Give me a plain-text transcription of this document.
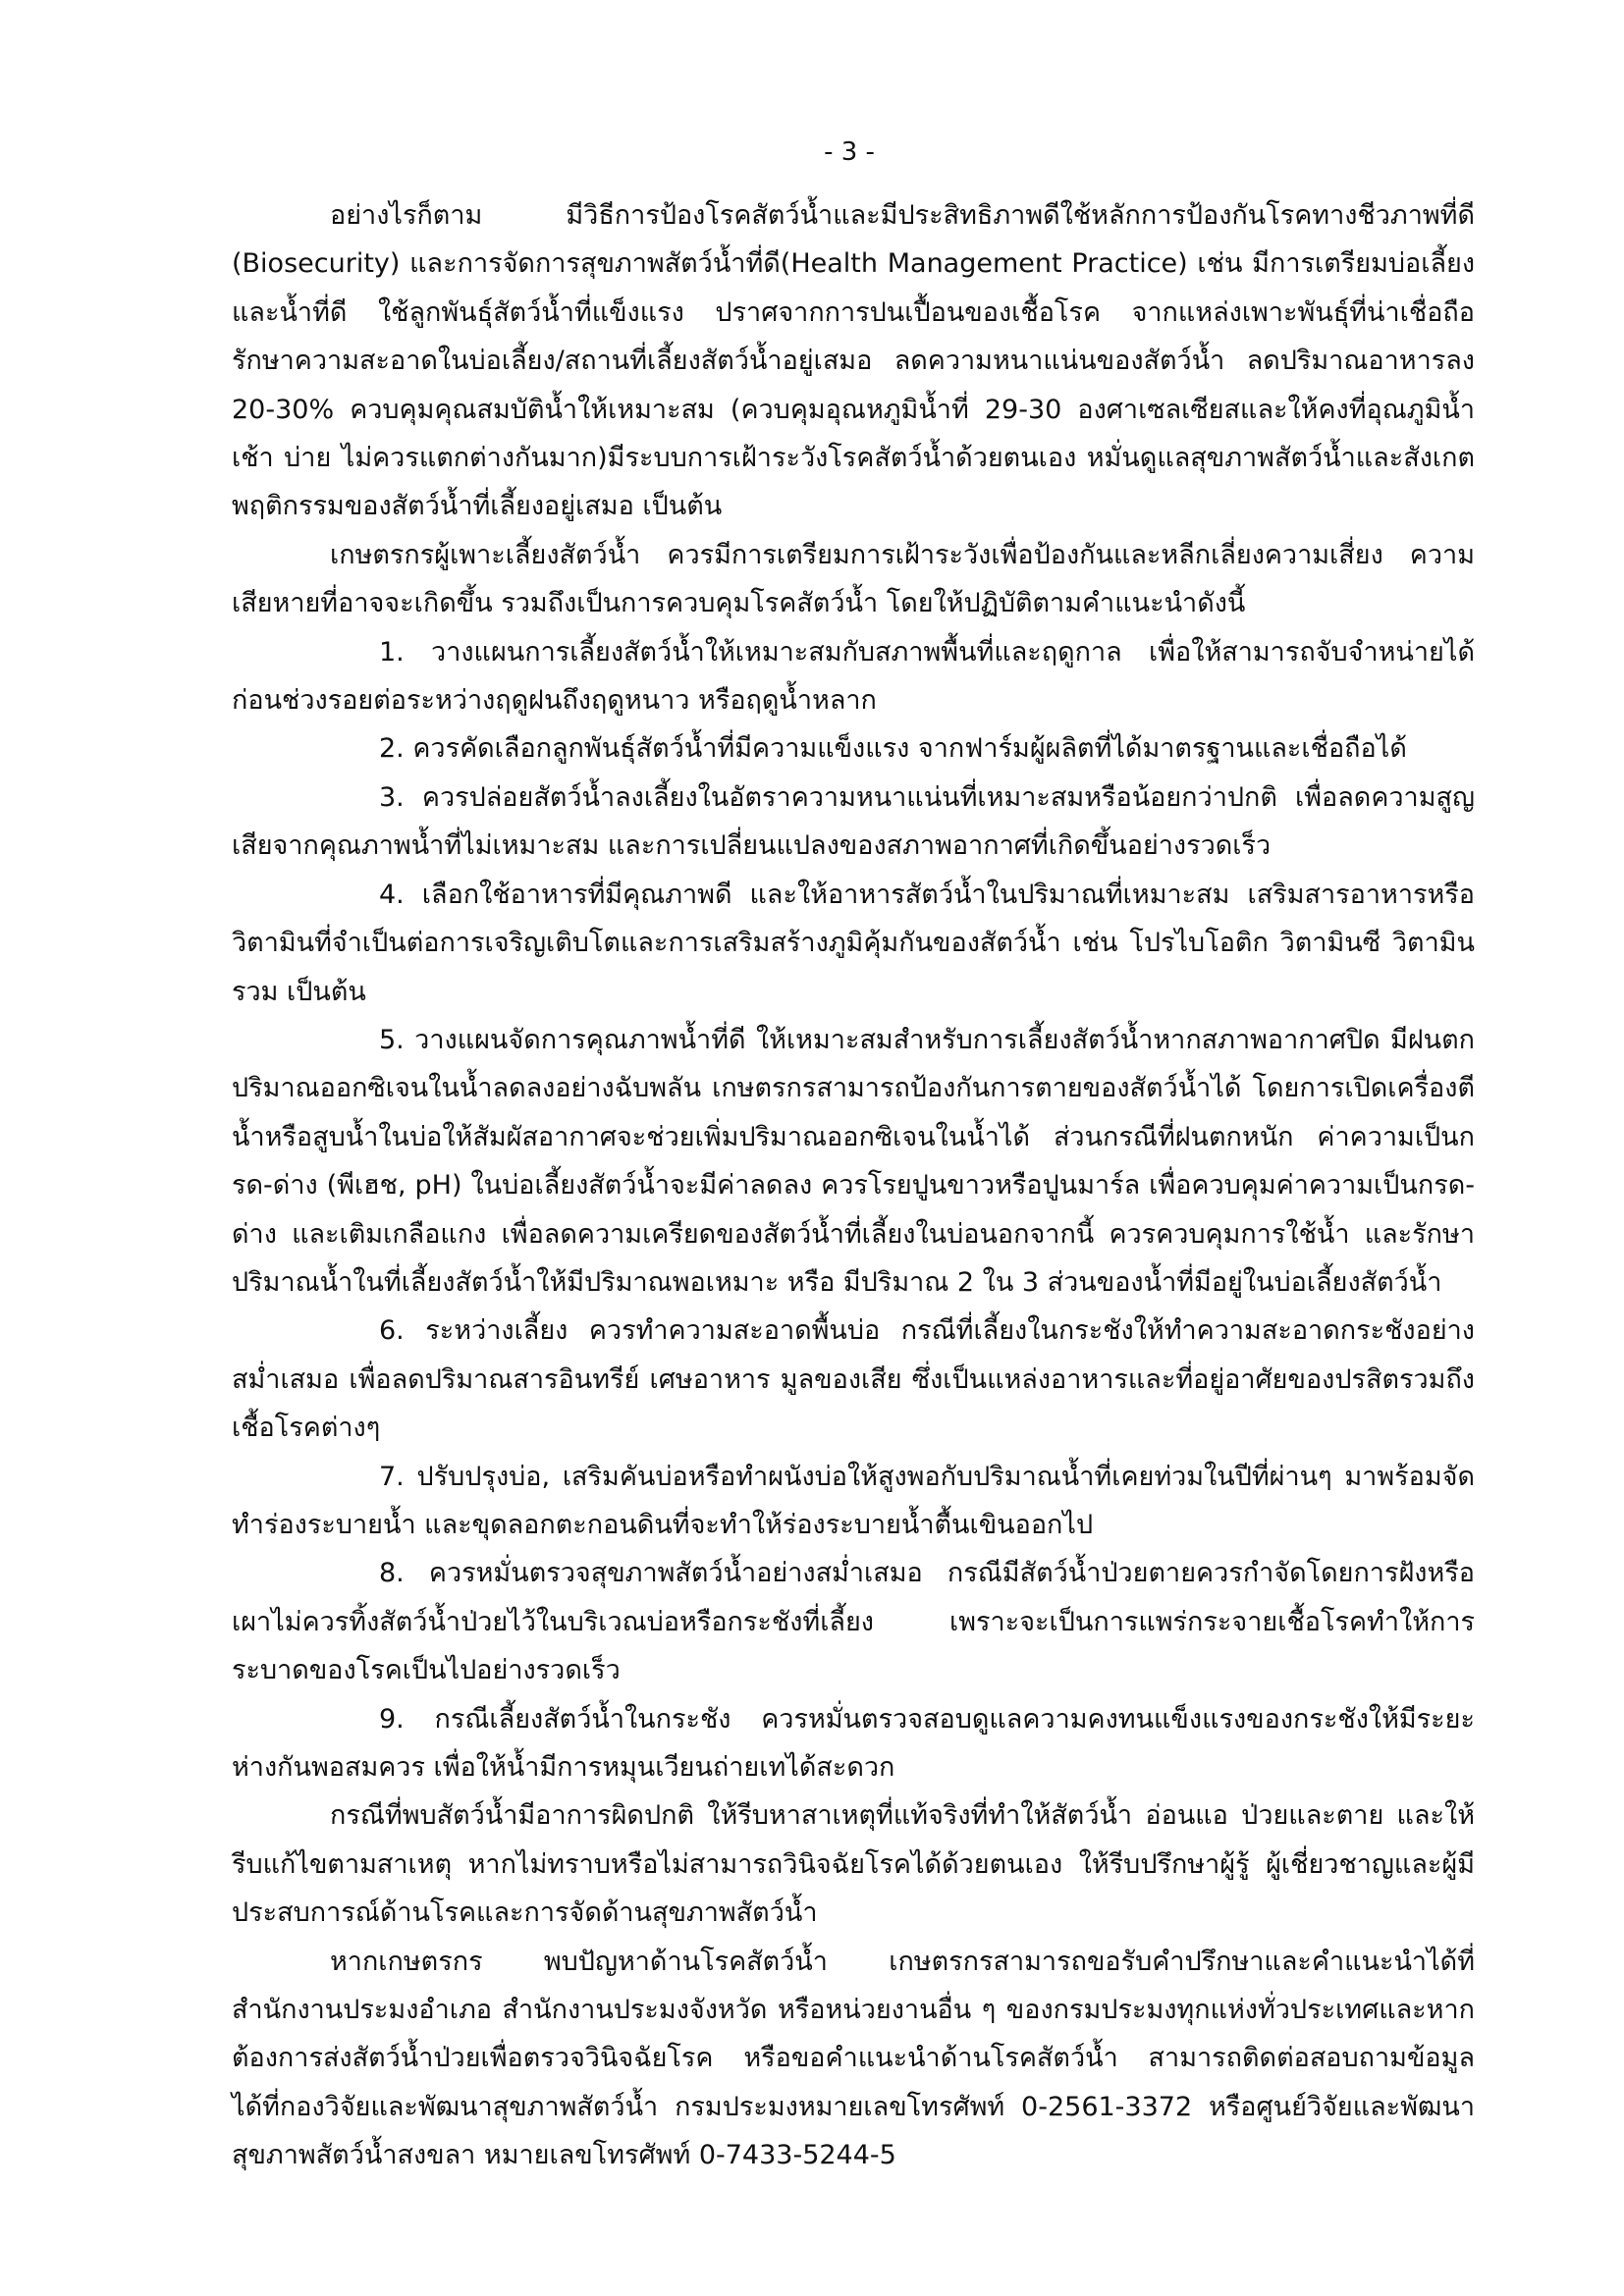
- 3 -

อย่างไรก็ตาม มีวิธีการป้องโรคสัตว์น้ำและมีประสิทธิภาพดีใช้หลักการป้องกันโรคทางชีวภาพที่ดี (Biosecurity) และการจัดการสุขภาพสัตว์น้ำที่ดี(Health Management Practice) เช่น มีการเตรียมบ่อเลี้ยงและน้ำที่ดี ใช้ลูกพันธุ์สัตว์น้ำที่แข็งแรง ปราศจากการปนเปื้อนของเชื้อโรค จากแหล่งเพาะพันธุ์ที่น่าเชื่อถือ รักษาความสะอาดในบ่อเลี้ยง/สถานที่เลี้ยงสัตว์น้ำอยู่เสมอ ลดความหนาแน่นของสัตว์น้ำ ลดปริมาณอาหารลง 20-30% ควบคุมคุณสมบัติน้ำให้เหมาะสม (ควบคุมอุณหภูมิน้ำที่ 29-30 องศาเซลเซียสและให้คงที่อุณภูมิน้ำ เช้า บ่าย ไม่ควรแตกต่างกันมาก)มีระบบการเฝ้าระวังโรคสัตว์น้ำด้วยตนเอง หมั่นดูแลสุขภาพสัตว์น้ำและสังเกตพฤติกรรมของสัตว์น้ำที่เลี้ยงอยู่เสมอ เป็นต้น

เกษตรกรผู้เพาะเลี้ยงสัตว์น้ำ ควรมีการเตรียมการเฝ้าระวังเพื่อป้องกันและหลีกเลี่ยงความเสี่ยง ความเสียหายที่อาจจะเกิดขึ้น รวมถึงเป็นการควบคุมโรคสัตว์น้ำ โดยให้ปฏิบัติตามคำแนะนำดังนี้

1. วางแผนการเลี้ยงสัตว์น้ำให้เหมาะสมกับสภาพพื้นที่และฤดูกาล เพื่อให้สามารถจับจำหน่ายได้ก่อนช่วงรอยต่อระหว่างฤดูฝนถึงฤดูหนาว หรือฤดูน้ำหลาก

2. ควรคัดเลือกลูกพันธุ์สัตว์น้ำที่มีความแข็งแรง จากฟาร์มผู้ผลิตที่ได้มาตรฐานและเชื่อถือได้

3. ควรปล่อยสัตว์น้ำลงเลี้ยงในอัตราความหนาแน่นที่เหมาะสมหรือน้อยกว่าปกติ เพื่อลดความสูญเสียจากคุณภาพน้ำที่ไม่เหมาะสม และการเปลี่ยนแปลงของสภาพอากาศที่เกิดขึ้นอย่างรวดเร็ว

4. เลือกใช้อาหารที่มีคุณภาพดี และให้อาหารสัตว์น้ำในปริมาณที่เหมาะสม เสริมสารอาหารหรือวิตามินที่จำเป็นต่อการเจริญเติบโตและการเสริมสร้างภูมิคุ้มกันของสัตว์น้ำ เช่น โปรไบโอติก วิตามินซี วิตามินรวม เป็นต้น

5. วางแผนจัดการคุณภาพน้ำที่ดี ให้เหมาะสมสำหรับการเลี้ยงสัตว์น้ำหากสภาพอากาศปิด มีฝนตก ปริมาณออกซิเจนในน้ำลดลงอย่างฉับพลัน เกษตรกรสามารถป้องกันการตายของสัตว์น้ำได้ โดยการเปิดเครื่องตีน้ำหรือสูบน้ำในบ่อให้สัมผัสอากาศจะช่วยเพิ่มปริมาณออกซิเจนในน้ำได้ ส่วนกรณีที่ฝนตกหนัก ค่าความเป็นกรด-ด่าง (พีเฮช, pH) ในบ่อเลี้ยงสัตว์น้ำจะมีค่าลดลง ควรโรยปูนขาวหรือปูนมาร์ล เพื่อควบคุมค่าความเป็นกรด-ด่าง และเติมเกลือแกง เพื่อลดความเครียดของสัตว์น้ำที่เลี้ยงในบ่อนอกจากนี้ ควรควบคุมการใช้น้ำ และรักษาปริมาณน้ำในที่เลี้ยงสัตว์น้ำให้มีปริมาณพอเหมาะ หรือ มีปริมาณ 2 ใน 3 ส่วนของน้ำที่มีอยู่ในบ่อเลี้ยงสัตว์น้ำ

6. ระหว่างเลี้ยง ควรทำความสะอาดพื้นบ่อ กรณีที่เลี้ยงในกระชังให้ทำความสะอาดกระชังอย่างสม่ำเสมอ เพื่อลดปริมาณสารอินทรีย์ เศษอาหาร มูลของเสีย ซึ่งเป็นแหล่งอาหารและที่อยู่อาศัยของปรสิตรวมถึงเชื้อโรคต่างๆ

7. ปรับปรุงบ่อ, เสริมคันบ่อหรือทำผนังบ่อให้สูงพอกับปริมาณน้ำที่เคยท่วมในปีที่ผ่านๆ มาพร้อมจัดทำร่องระบายน้ำ และขุดลอกตะกอนดินที่จะทำให้ร่องระบายน้ำตื้นเขินออกไป

8. ควรหมั่นตรวจสุขภาพสัตว์น้ำอย่างสม่ำเสมอ กรณีมีสัตว์น้ำป่วยตายควรกำจัดโดยการฝังหรือเผาไม่ควรทิ้งสัตว์น้ำป่วยไว้ในบริเวณบ่อหรือกระชังที่เลี้ยง เพราะจะเป็นการแพร่กระจายเชื้อโรคทำให้การระบาดของโรคเป็นไปอย่างรวดเร็ว

9. กรณีเลี้ยงสัตว์น้ำในกระชัง ควรหมั่นตรวจสอบดูแลความคงทนแข็งแรงของกระชังให้มีระยะห่างกันพอสมควร เพื่อให้น้ำมีการหมุนเวียนถ่ายเทได้สะดวก

กรณีที่พบสัตว์น้ำมีอาการผิดปกติ ให้รีบหาสาเหตุที่แท้จริงที่ทำให้สัตว์น้ำ อ่อนแอ ป่วยและตาย และให้รีบแก้ไขตามสาเหตุ หากไม่ทราบหรือไม่สามารถวินิจฉัยโรคได้ด้วยตนเอง ให้รีบปรึกษาผู้รู้ ผู้เชี่ยวชาญและผู้มีประสบการณ์ด้านโรคและการจัดด้านสุขภาพสัตว์น้ำ

หากเกษตรกร พบปัญหาด้านโรคสัตว์น้ำ เกษตรกรสามารถขอรับคำปรึกษาและคำแนะนำได้ที่ สำนักงานประมงอำเภอ สำนักงานประมงจังหวัด หรือหน่วยงานอื่น ๆ ของกรมประมงทุกแห่งทั่วประเทศและหากต้องการส่งสัตว์น้ำป่วยเพื่อตรวจวินิจฉัยโรค หรือขอคำแนะนำด้านโรคสัตว์น้ำ สามารถติดต่อสอบถามข้อมูลได้ที่กองวิจัยและพัฒนาสุขภาพสัตว์น้ำ กรมประมงหมายเลขโทรศัพท์ 0-2561-3372 หรือศูนย์วิจัยและพัฒนาสุขภาพสัตว์น้ำสงขลา หมายเลขโทรศัพท์ 0-7433-5244-5
